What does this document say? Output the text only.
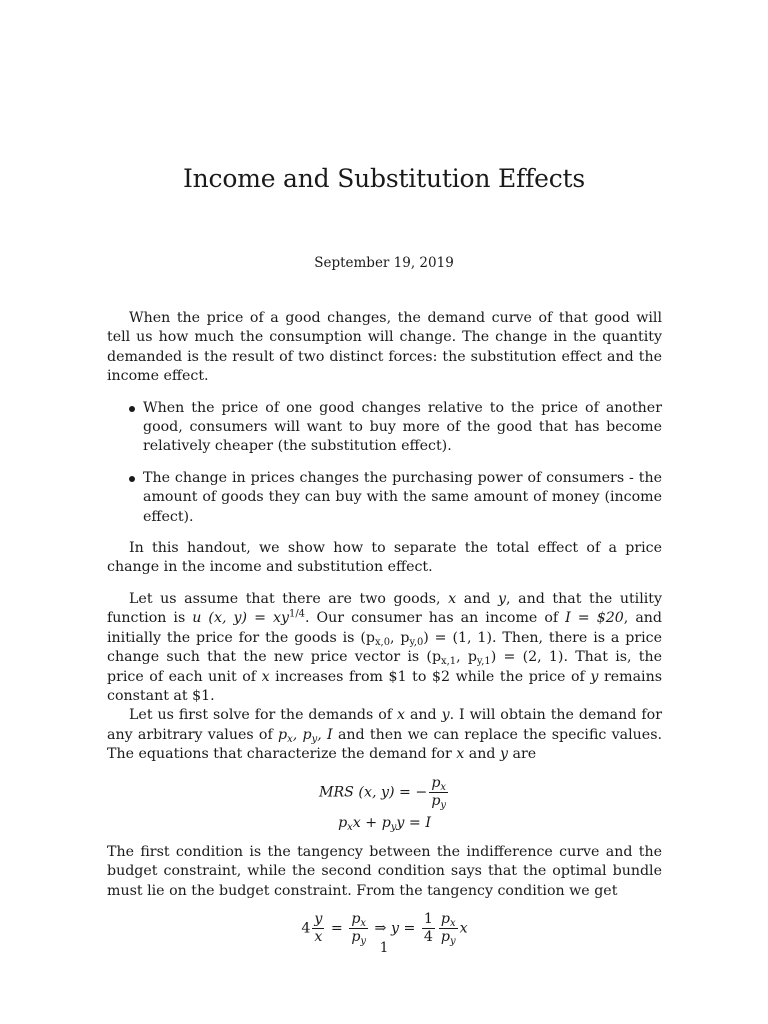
Income and Substitution Effects
September 19, 2019

When the price of a good changes, the demand curve of that good will tell us how much the consumption will change. The change in the quantity demanded is the result of two distinct forces: the substitution effect and the income effect.

When the price of one good changes relative to the price of another good, consumers will want to buy more of the good that has become relatively cheaper (the substitution effect).
The change in prices changes the purchasing power of consumers - the amount of goods they can buy with the same amount of money (income effect).

In this handout, we show how to separate the total effect of a price change in the income and substitution effect.

Let us assume that there are two goods, x and y, and that the utility function is u (x, $y) = xy^{1/4}$. Our consumer has an income of I = $20, and initially the price for the goods is ($p_{x,0}$, $p_{y,0}) = (1$, 1). Then, there is a price change such that the new price vector is ($p_{x,1}$, $p_{y,1}) = (2$, 1). That is, the price of each unit of x increases from $1 to $2 while the price of y remains constant at $1.

Let us first solve for the demands of x and y. I will obtain the demand for any arbitrary values of $p_x$, $p_y$, I and then we can replace the specific values. The equations that characterize the demand for x and y are

MRS (x, y) = − $\frac{p_x}{p_y}$
$p_xx + p_yy = I$

The first condition is the tangency between the indifference curve and the budget constraint, while the second condition says that the optimal bundle must lie on the budget constraint. From the tangency condition we get

$4 \frac{y}{x} = \frac{p_x}{p_y}$ ⇒ $y = \frac{1}{4} \frac{p_x}{p_y}$ x
1
